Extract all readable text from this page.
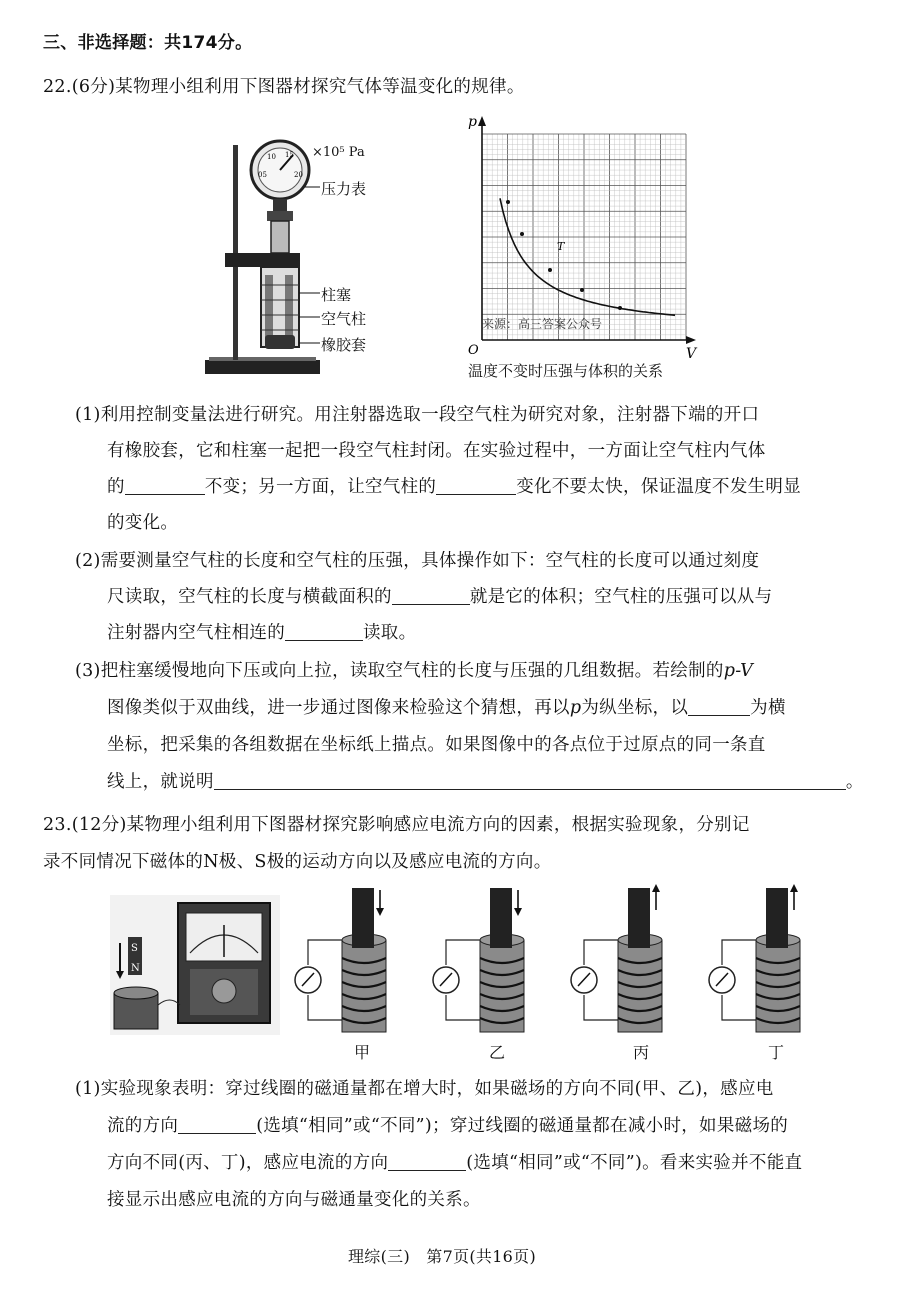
三、非选择题：共174分。
22.(6分)某物理小组利用下图器材探究气体等温变化的规律。
05
10 15
20
×10⁵ Pa
压力表
柱塞
空气柱
橡胶套
p
V
O
T
来源：高三答案公众号
温度不变时压强与体积的关系
(1)利用控制变量法进行研究。用注射器选取一段空气柱为研究对象，注射器下端的开口
有橡胶套，它和柱塞一起把一段空气柱封闭。在实验过程中，一方面让空气柱内气体
的	不变；另一方面，让空气柱的	变化不要太快，保证温度不发生明显
的变化。
(2)需要测量空气柱的长度和空气柱的压强，具体操作如下：空气柱的长度可以通过刻度
尺读取，空气柱的长度与横截面积的	就是它的体积；空气柱的压强可以从与
注射器内空气柱相连的	读取。
(3)把柱塞缓慢地向下压或向上拉，读取空气柱的长度与压强的几组数据。若绘制的p-V
图像类似于双曲线，进一步通过图像来检验这个猜想，再以p为纵坐标，以	为横
坐标，把采集的各组数据在坐标纸上描点。如果图像中的各点位于过原点的同一条直
线上，就说明	。
23.(12分)某物理小组利用下图器材探究影响感应电流方向的因素，根据实验现象，分别记
录不同情况下磁体的N极、S极的运动方向以及感应电流的方向。
S
N
甲	乙	丙	丁
(1)实验现象表明：穿过线圈的磁通量都在增大时，如果磁场的方向不同(甲、乙)，感应电
流的方向	(选填“相同”或“不同”)；穿过线圈的磁通量都在减小时，如果磁场的
方向不同(丙、丁)，感应电流的方向	(选填“相同”或“不同”)。看来实验并不能直
接显示出感应电流的方向与磁通量变化的关系。
理综(三)　第7页(共16页)
